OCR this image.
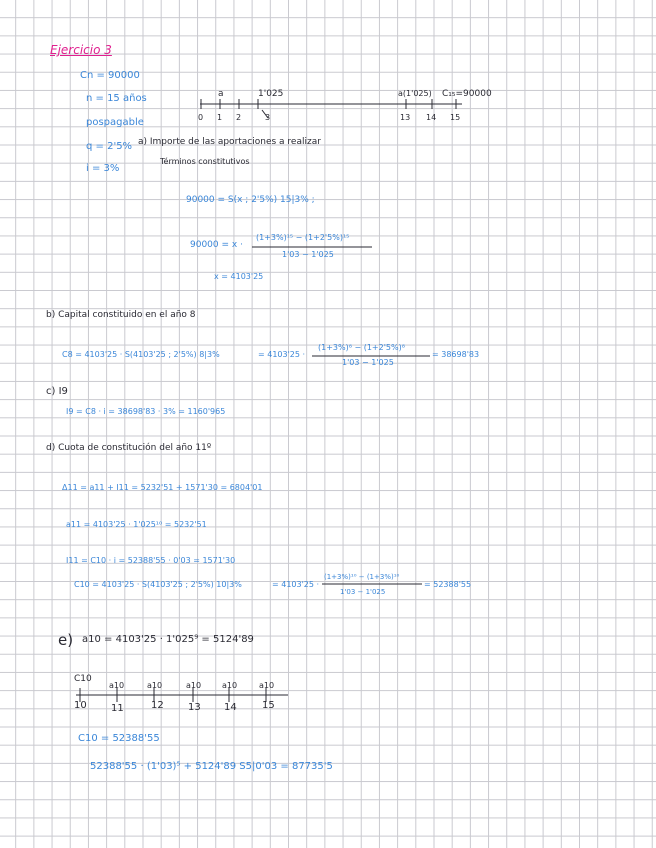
Ejercicio 3
Cn = 90000
n = 15 años
pospagable
q = 2'5%
i = 3%
a	1'025	a(1'025) C₁₅=90000
0 1 2	3	13 14 15
a) Importe de las aportaciones a realizar
Términos constitutivos
90000 = S(x ; 2'5%) 15|3% ;
90000 = x ·
(1+3%)¹⁵ − (1+2'5%)¹⁵
1'03 − 1'025
x = 4103'25
b) Capital constituido en el año 8
C8 = 4103'25 · S(4103'25 ; 2'5%) 8|3%	= 4103'25 ·
(1+3%)⁸ − (1+2'5%)⁸
1'03 − 1'025
= 38698'83
c) I9
I9 = C8 · i = 38698'83 · 3% = 1160'965
d) Cuota de constitución del año 11º
Δ11 = a11 + I11 = 5232'51 + 1571'30 = 6804'01
a11 = 4103'25 · 1'025¹⁰ = 5232'51
I11 = C10 · i = 52388'55 · 0'03 = 1571'30
C10 = 4103'25 · S(4103'25 ; 2'5%) 10|3%	= 4103'25 ·
(1+3%)¹⁰ − (1+3%)¹⁰
1'03 − 1'025
= 52388'55
e) a10 = 4103'25 · 1'025⁹ = 5124'89
C10
a10	a10	a10	a10	a10
10 11	12 13 14	15
C10 = 52388'55
52388'55 · (1'03)⁵ + 5124'89 S5|0'03 = 87735'5
